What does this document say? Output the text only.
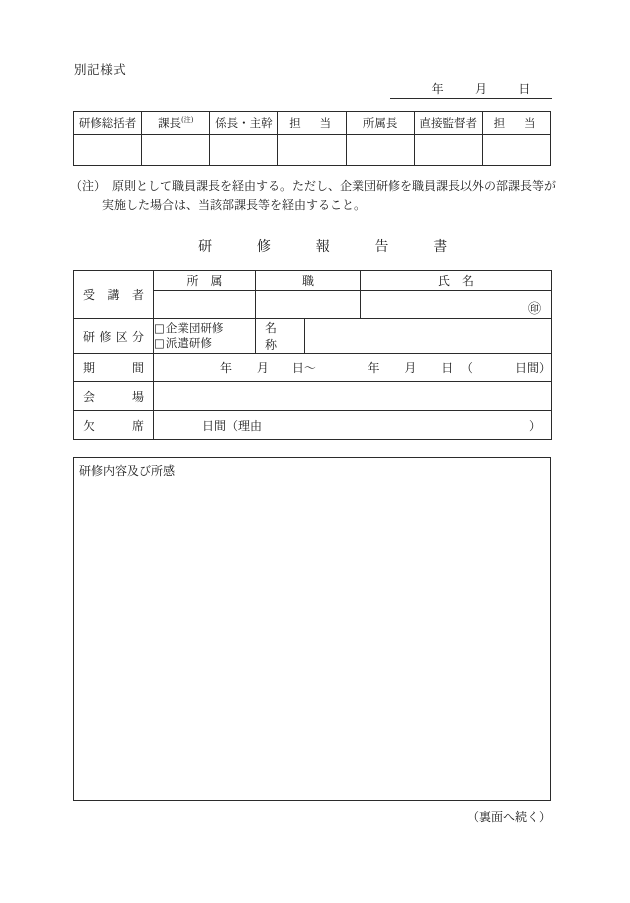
別記様式
年	月	日
研修総括者	課長$^{(注)}$	係長・主幹	担　当	所属長	直接監督者	担　当

（注）　 原則として職員課長を経由する。ただし、企業団研修を職員課長以外の部課長等が
実施した場合は、当該部課長等を経由すること。
研　修　報　告　書
受講者	所　属	職		氏　名

				㊞

研修区分	□企業団研修
□派遣研修	名　称		

期間	年 月 日～	年 月 日 （	日間）

会場				

欠席	日間（理由 ）			
研修内容及び所感
（裏面へ続く）
